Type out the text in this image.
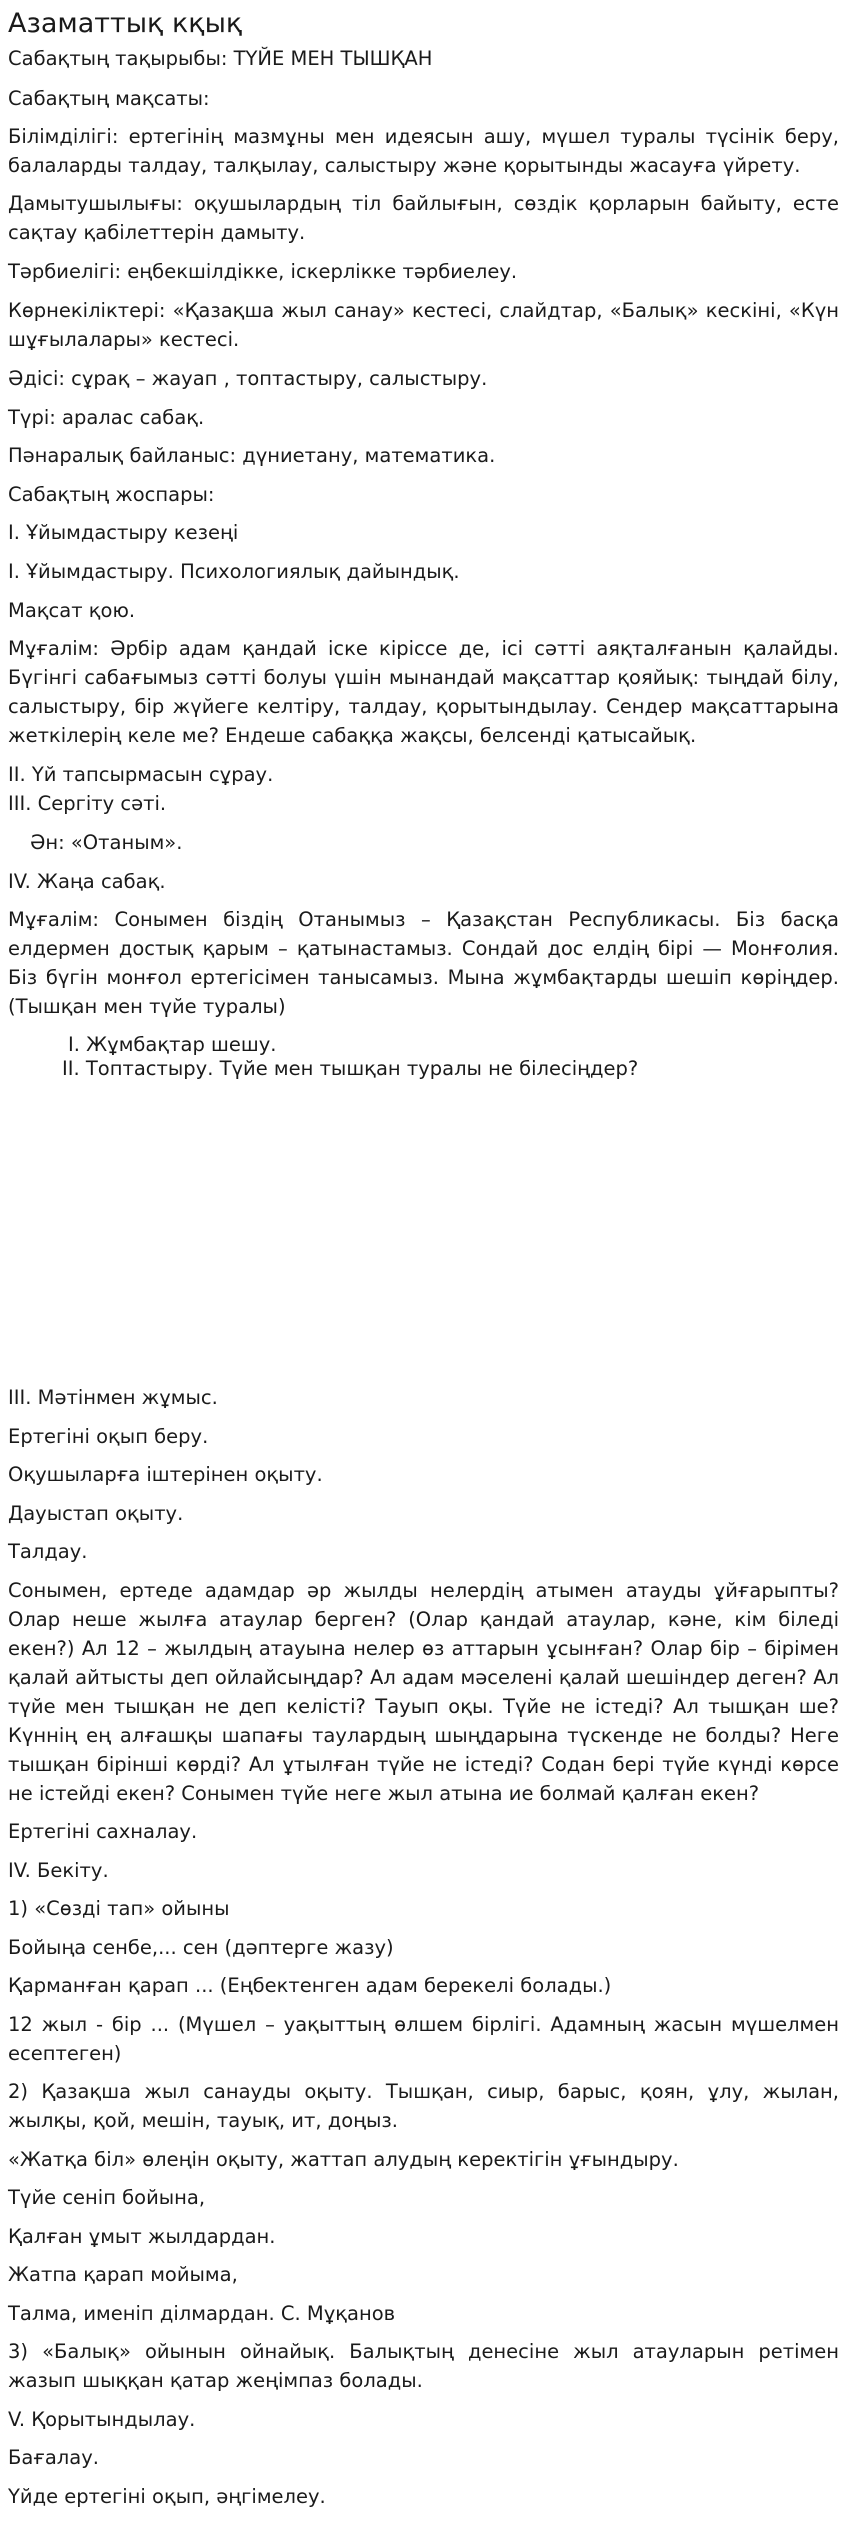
Азаматтық кқық

Сабақтың тақырыбы: ТҮЙЕ МЕН ТЫШҚАН

Сабақтың мақсаты:

Білімділігі: ертегінің мазмұны мен идеясын ашу, мүшел туралы түсінік беру, балаларды талдау, талқылау, салыстыру және қорытынды жасауға үйрету.

Дамытушылығы: оқушылардың тіл байлығын, сөздік қорларын байыту, есте сақтау қабілеттерін дамыту.

Тәрбиелігі: еңбекшілдікке, іскерлікке тәрбиелеу.

Көрнекіліктері: «Қазақша жыл санау» кестесі, слайдтар, «Балық» кескіні, «Күн шұғылалары» кестесі.

Әдісі: сұрақ – жауап , топтастыру, салыстыру.

Түрі: аралас сабақ.

Пәнаралық байланыс: дүниетану, математика.

Сабақтың жоспары:

I. Ұйымдастыру кезеңі

I. Ұйымдастыру. Психологиялық дайындық.

Мақсат қою.

Мұғалім: Әрбір адам қандай іске кіріссе де, ісі сәтті аяқталғанын қалайды. Бүгінгі сабағымыз сәтті болуы үшін мынандай мақсаттар қояйық: тыңдай білу, салыстыру, бір жүйеге келтіру, талдау, қорытындылау. Сендер мақсаттарына жеткілерің келе ме? Ендеше сабаққа жақсы, белсенді қатысайық.

II. Үй тапсырмасын сұрау.

III. Сергіту сәті.

Ән: «Отаным».

IV. Жаңа сабақ.

Мұғалім: Сонымен біздің Отанымыз – Қазақстан Республикасы. Біз басқа елдермен достық қарым – қатынастамыз. Сондай дос елдің бірі — Монғолия. Біз бүгін монғол ертегісімен танысамыз. Мына жұмбақтарды шешіп көріңдер. (Тышқан мен түйе туралы)

I. Жұмбақтар шешу.

II. Топтастыру. Түйе мен тышқан туралы не білесіңдер?

III. Мәтінмен жұмыс.

Ертегіні оқып беру.

Оқушыларға іштерінен оқыту.

Дауыстап оқыту.

Талдау.

Сонымен, ертеде адамдар әр жылды нелердің атымен атауды ұйғарыпты? Олар неше жылға атаулар берген? (Олар қандай атаулар, кәне, кім біледі екен?) Ал 12 – жылдың атауына нелер өз аттарын ұсынған? Олар бір – бірімен қалай айтысты деп ойлайсыңдар? Ал адам мәселені қалай шешіндер деген? Ал түйе мен тышқан не деп келісті? Тауып оқы. Түйе не істеді? Ал тышқан ше? Күннің ең алғашқы шапағы таулардың шыңдарына түскенде не болды? Неге тышқан бірінші көрді? Ал ұтылған түйе не істеді? Содан бері түйе күнді көрсе не істейді екен? Сонымен түйе неге жыл атына ие болмай қалған екен?

Ертегіні сахналау.

IV. Бекіту.

1) «Сөзді тап» ойыны

Бойыңа сенбе,... сен (дәптерге жазу)

Қарманған қарап ... (Еңбектенген адам берекелі болады.)

12 жыл - бір ... (Мүшел – уақыттың өлшем бірлігі. Адамның жасын мүшелмен есептеген)

2) Қазақша жыл санауды оқыту. Тышқан, сиыр, барыс, қоян, ұлу, жылан, жылқы, қой, мешін, тауық, ит, доңыз.

«Жатқа біл» өлеңін оқыту, жаттап алудың керектігін ұғындыру.

Түйе сеніп бойына,

Қалған ұмыт жылдардан.

Жатпа қарап мойыма,

Талма, именіп ділмардан. С. Мұқанов

3) «Балық» ойынын ойнайық. Балықтың денесіне жыл атауларын ретімен жазып шыққан қатар жеңімпаз болады.

V. Қорытындылау.

Бағалау.

Үйде ертегіні оқып, әңгімелеу.
